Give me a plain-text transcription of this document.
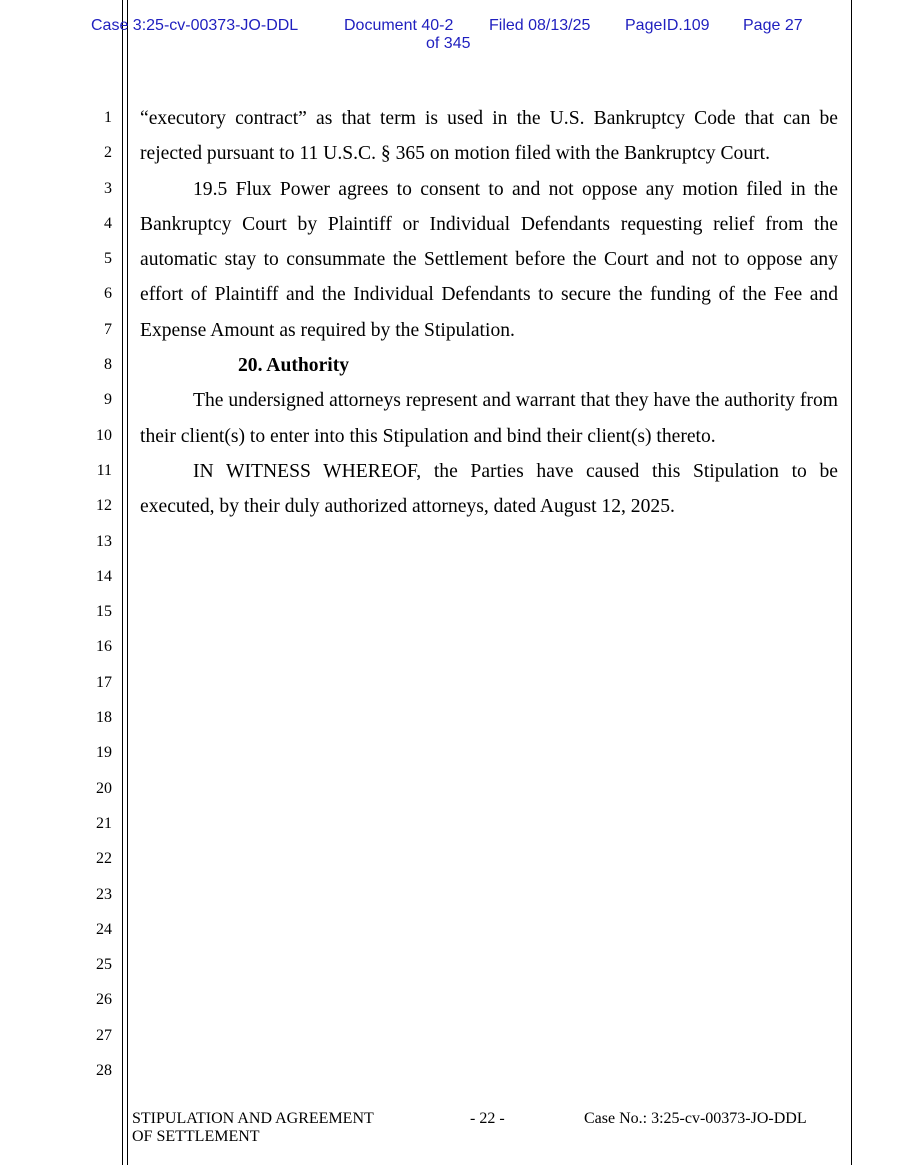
Case 3:25-cv-00373-JO-DDL	Document 40-2 Filed 08/13/25 PageID.109 Page 27
of 345
1
2
3
4
5
6
7
8
9
10
11
12
13
14
15
16
17
18
19
20
21
22
23
24
25
26
27
28

“executory contract” as that term is used in the U.S. Bankruptcy Code that can be rejected pursuant to 11 U.S.C. § 365 on motion filed with the Bankruptcy Court.

19.5 Flux Power agrees to consent to and not oppose any motion filed in the Bankruptcy Court by Plaintiff or Individual Defendants requesting relief from the automatic stay to consummate the Settlement before the Court and not to oppose any effort of Plaintiff and the Individual Defendants to secure the funding of the Fee and Expense Amount as required by the Stipulation.

20. Authority

The undersigned attorneys represent and warrant that they have the authority from their client(s) to enter into this Stipulation and bind their client(s) thereto.

IN WITNESS WHEREOF, the Parties have caused this Stipulation to be executed, by their duly authorized attorneys, dated August 12, 2025.

STIPULATION AND AGREEMENT
OF SETTLEMENT
- 22 -	Case No.: 3:25-cv-00373-JO-DDL
